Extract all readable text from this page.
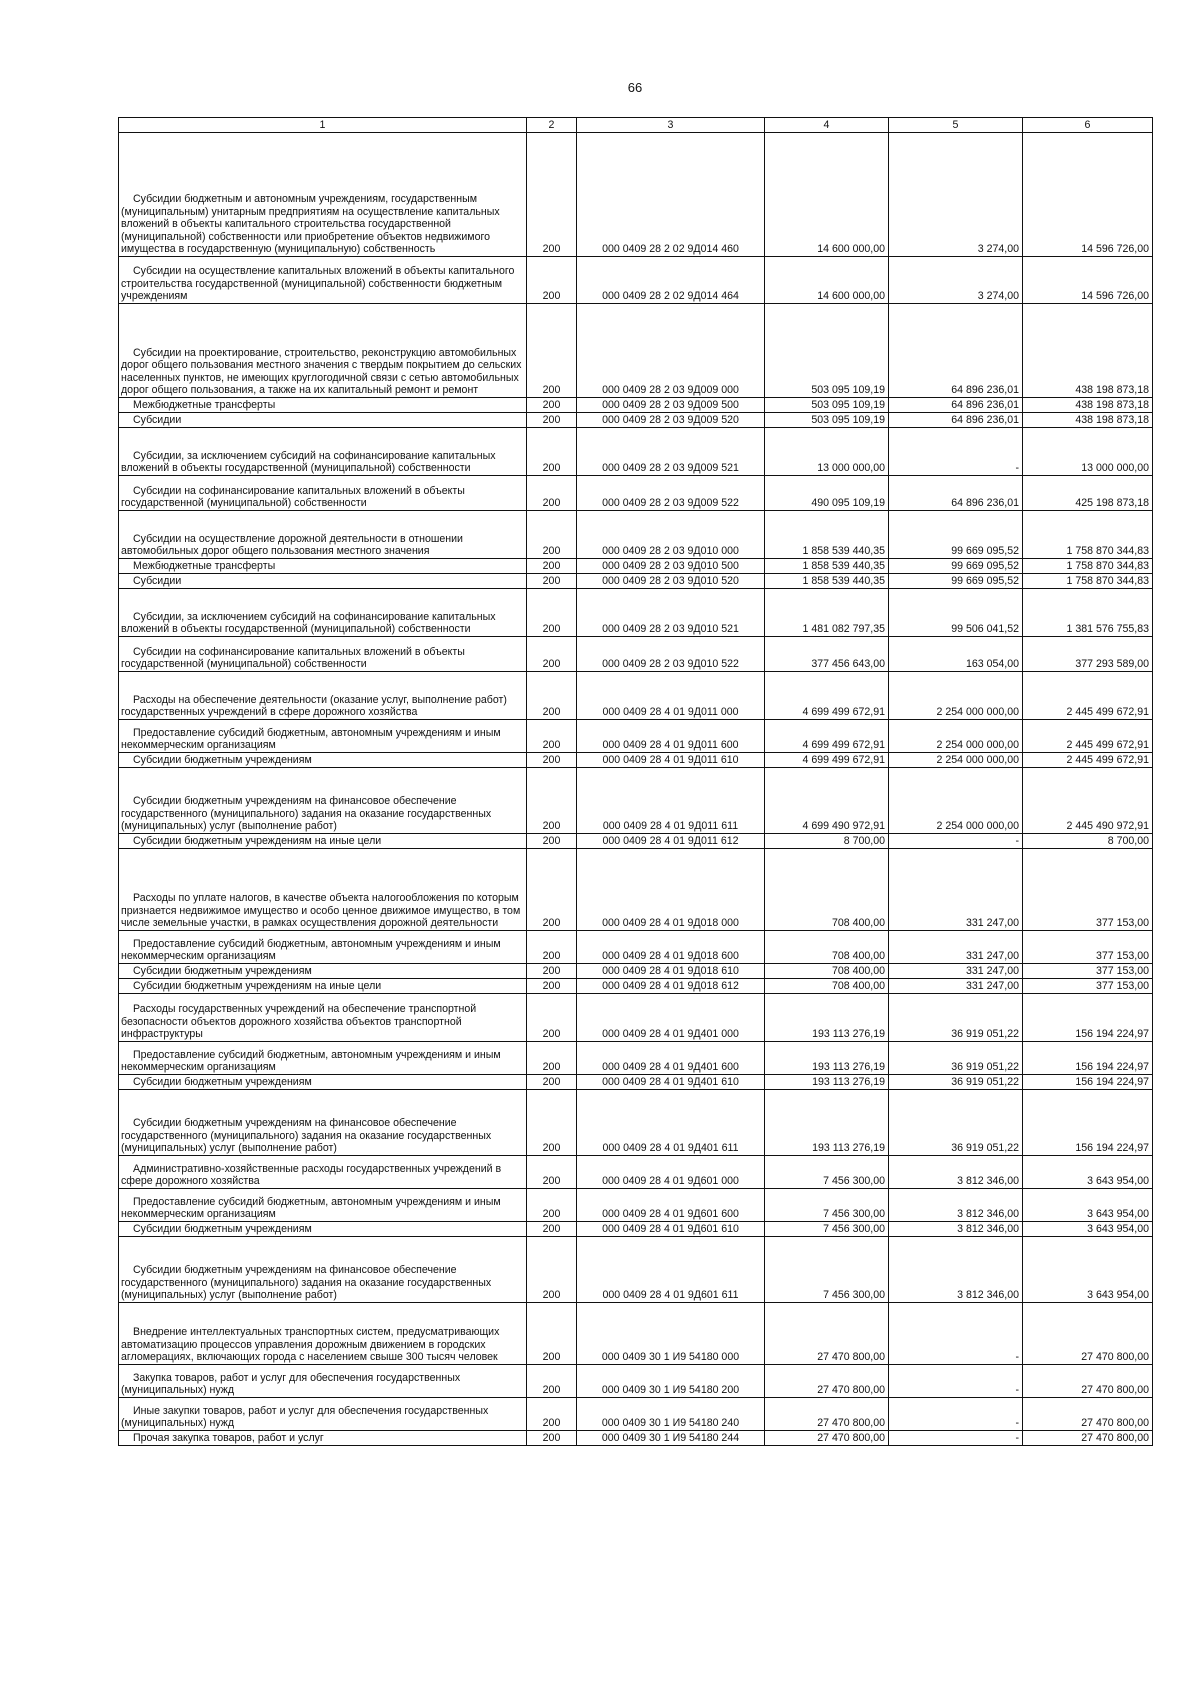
66
1	2	3	4	5	6

Субсидии бюджетным и автономным учреждениям, государственным (муниципальным) унитарным предприятиям на осуществление капитальных вложений в объекты капитального строительства государственной (муниципальной) собственности или приобретение объектов недвижимого имущества в государственную (муниципальную) собственность	200	000 0409 28 2 02 9Д014 460	14 600 000,00	3 274,00	14 596 726,00

Субсидии на осуществление капитальных вложений в объекты капитального строительства государственной (муниципальной) собственности бюджетным учреждениям	200	000 0409 28 2 02 9Д014 464	14 600 000,00	3 274,00	14 596 726,00

Субсидии на проектирование, строительство, реконструкцию автомобильных дорог общего пользования местного значения с твердым покрытием до сельских населенных пунктов, не имеющих круглогодичной связи с сетью автомобильных дорог общего пользования, а также на их капитальный ремонт и ремонт	200	000 0409 28 2 03 9Д009 000	503 095 109,19	64 896 236,01	438 198 873,18

Межбюджетные трансферты	200	000 0409 28 2 03 9Д009 500	503 095 109,19	64 896 236,01	438 198 873,18

Субсидии	200	000 0409 28 2 03 9Д009 520	503 095 109,19	64 896 236,01	438 198 873,18

Субсидии, за исключением субсидий на софинансирование капитальных вложений в объекты государственной (муниципальной) собственности	200	000 0409 28 2 03 9Д009 521	13 000 000,00	-	13 000 000,00

Субсидии на софинансирование капитальных вложений в объекты государственной (муниципальной) собственности	200	000 0409 28 2 03 9Д009 522	490 095 109,19	64 896 236,01	425 198 873,18

Субсидии на осуществление дорожной деятельности в отношении автомобильных дорог общего пользования местного значения	200	000 0409 28 2 03 9Д010 000	1 858 539 440,35	99 669 095,52	1 758 870 344,83

Межбюджетные трансферты	200	000 0409 28 2 03 9Д010 500	1 858 539 440,35	99 669 095,52	1 758 870 344,83

Субсидии	200	000 0409 28 2 03 9Д010 520	1 858 539 440,35	99 669 095,52	1 758 870 344,83

Субсидии, за исключением субсидий на софинансирование капитальных вложений в объекты государственной (муниципальной) собственности	200	000 0409 28 2 03 9Д010 521	1 481 082 797,35	99 506 041,52	1 381 576 755,83

Субсидии на софинансирование капитальных вложений в объекты государственной (муниципальной) собственности	200	000 0409 28 2 03 9Д010 522	377 456 643,00	163 054,00	377 293 589,00

Расходы на обеспечение деятельности (оказание услуг, выполнение работ) государственных учреждений в сфере дорожного хозяйства	200	000 0409 28 4 01 9Д011 000	4 699 499 672,91	2 254 000 000,00	2 445 499 672,91

Предоставление субсидий бюджетным, автономным учреждениям и иным некоммерческим организациям	200	000 0409 28 4 01 9Д011 600	4 699 499 672,91	2 254 000 000,00	2 445 499 672,91

Субсидии бюджетным учреждениям	200	000 0409 28 4 01 9Д011 610	4 699 499 672,91	2 254 000 000,00	2 445 499 672,91

Субсидии бюджетным учреждениям на финансовое обеспечение государственного (муниципального) задания на оказание государственных (муниципальных) услуг (выполнение работ)	200	000 0409 28 4 01 9Д011 611	4 699 490 972,91	2 254 000 000,00	2 445 490 972,91

Субсидии бюджетным учреждениям на иные цели	200	000 0409 28 4 01 9Д011 612	8 700,00	-	8 700,00

Расходы по уплате налогов, в качестве объекта налогообложения по которым признается недвижимое имущество и особо ценное движимое имущество, в том числе земельные участки, в рамках осуществления дорожной деятельности	200	000 0409 28 4 01 9Д018 000	708 400,00	331 247,00	377 153,00

Предоставление субсидий бюджетным, автономным учреждениям и иным некоммерческим организациям	200	000 0409 28 4 01 9Д018 600	708 400,00	331 247,00	377 153,00

Субсидии бюджетным учреждениям	200	000 0409 28 4 01 9Д018 610	708 400,00	331 247,00	377 153,00

Субсидии бюджетным учреждениям на иные цели	200	000 0409 28 4 01 9Д018 612	708 400,00	331 247,00	377 153,00

Расходы государственных учреждений на обеспечение транспортной безопасности объектов дорожного хозяйства объектов транспортной инфраструктуры	200	000 0409 28 4 01 9Д401 000	193 113 276,19	36 919 051,22	156 194 224,97

Предоставление субсидий бюджетным, автономным учреждениям и иным некоммерческим организациям	200	000 0409 28 4 01 9Д401 600	193 113 276,19	36 919 051,22	156 194 224,97

Субсидии бюджетным учреждениям	200	000 0409 28 4 01 9Д401 610	193 113 276,19	36 919 051,22	156 194 224,97

Субсидии бюджетным учреждениям на финансовое обеспечение государственного (муниципального) задания на оказание государственных (муниципальных) услуг (выполнение работ)	200	000 0409 28 4 01 9Д401 611	193 113 276,19	36 919 051,22	156 194 224,97

Административно-хозяйственные расходы государственных учреждений в сфере дорожного хозяйства	200	000 0409 28 4 01 9Д601 000	7 456 300,00	3 812 346,00	3 643 954,00

Предоставление субсидий бюджетным, автономным учреждениям и иным некоммерческим организациям	200	000 0409 28 4 01 9Д601 600	7 456 300,00	3 812 346,00	3 643 954,00

Субсидии бюджетным учреждениям	200	000 0409 28 4 01 9Д601 610	7 456 300,00	3 812 346,00	3 643 954,00

Субсидии бюджетным учреждениям на финансовое обеспечение государственного (муниципального) задания на оказание государственных (муниципальных) услуг (выполнение работ)	200	000 0409 28 4 01 9Д601 611	7 456 300,00	3 812 346,00	3 643 954,00

Внедрение интеллектуальных транспортных систем, предусматривающих автоматизацию процессов управления дорожным движением в городских агломерациях, включающих города с населением свыше 300 тысяч человек	200	000 0409 30 1 И9 54180 000	27 470 800,00	-	27 470 800,00

Закупка товаров, работ и услуг для обеспечения государственных (муниципальных) нужд	200	000 0409 30 1 И9 54180 200	27 470 800,00	-	27 470 800,00

Иные закупки товаров, работ и услуг для обеспечения государственных (муниципальных) нужд	200	000 0409 30 1 И9 54180 240	27 470 800,00	-	27 470 800,00

Прочая закупка товаров, работ и услуг	200	000 0409 30 1 И9 54180 244	27 470 800,00	-	27 470 800,00
